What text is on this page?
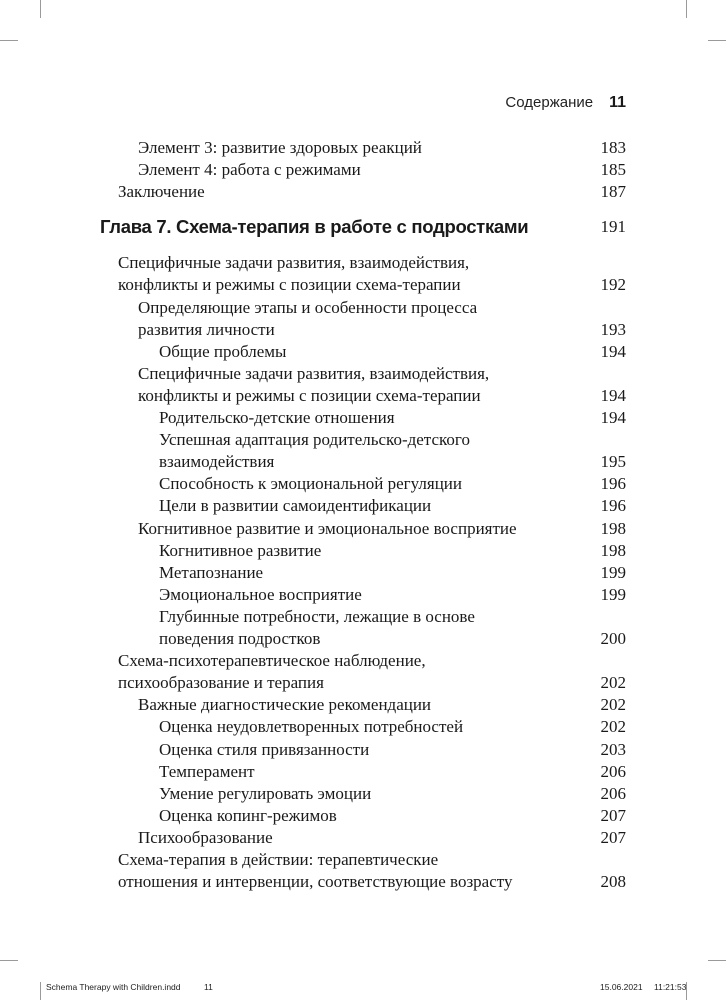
Содержание 11
Элемент 3: развитие здоровых реакций	183
Элемент 4: работа с режимами	185
Заключение	187
Глава 7. Схема-терапия в работе с подростками	191
Специфичные задачи развития, взаимодействия,
конфликты и режимы с позиции схема-терапии	192
Определяющие этапы и особенности процесса
развития личности	193
Общие проблемы	194
Специфичные задачи развития, взаимодействия,
конфликты и режимы с позиции схема-терапии	194
Родительско-детские отношения	194
Успешная адаптация родительско-детского
взаимодействия	195
Способность к эмоциональной регуляции	196
Цели в развитии самоидентификации	196
Когнитивное развитие и эмоциональное восприятие	198
Когнитивное развитие	198
Метапознание	199
Эмоциональное восприятие	199
Глубинные потребности, лежащие в основе
поведения подростков	200
Схема-психотерапевтическое наблюдение,
психообразование и терапия	202
Важные диагностические рекомендации	202
Оценка неудовлетворенных потребностей	202
Оценка стиля привязанности	203
Темперамент	206
Умение регулировать эмоции	206
Оценка копинг-режимов	207
Психообразование	207
Схема-терапия в действии: терапевтические
отношения и интервенции, соответствующие возрасту	208
Schema Therapy with Children.indd	11	15.06.2021 11:21:53
